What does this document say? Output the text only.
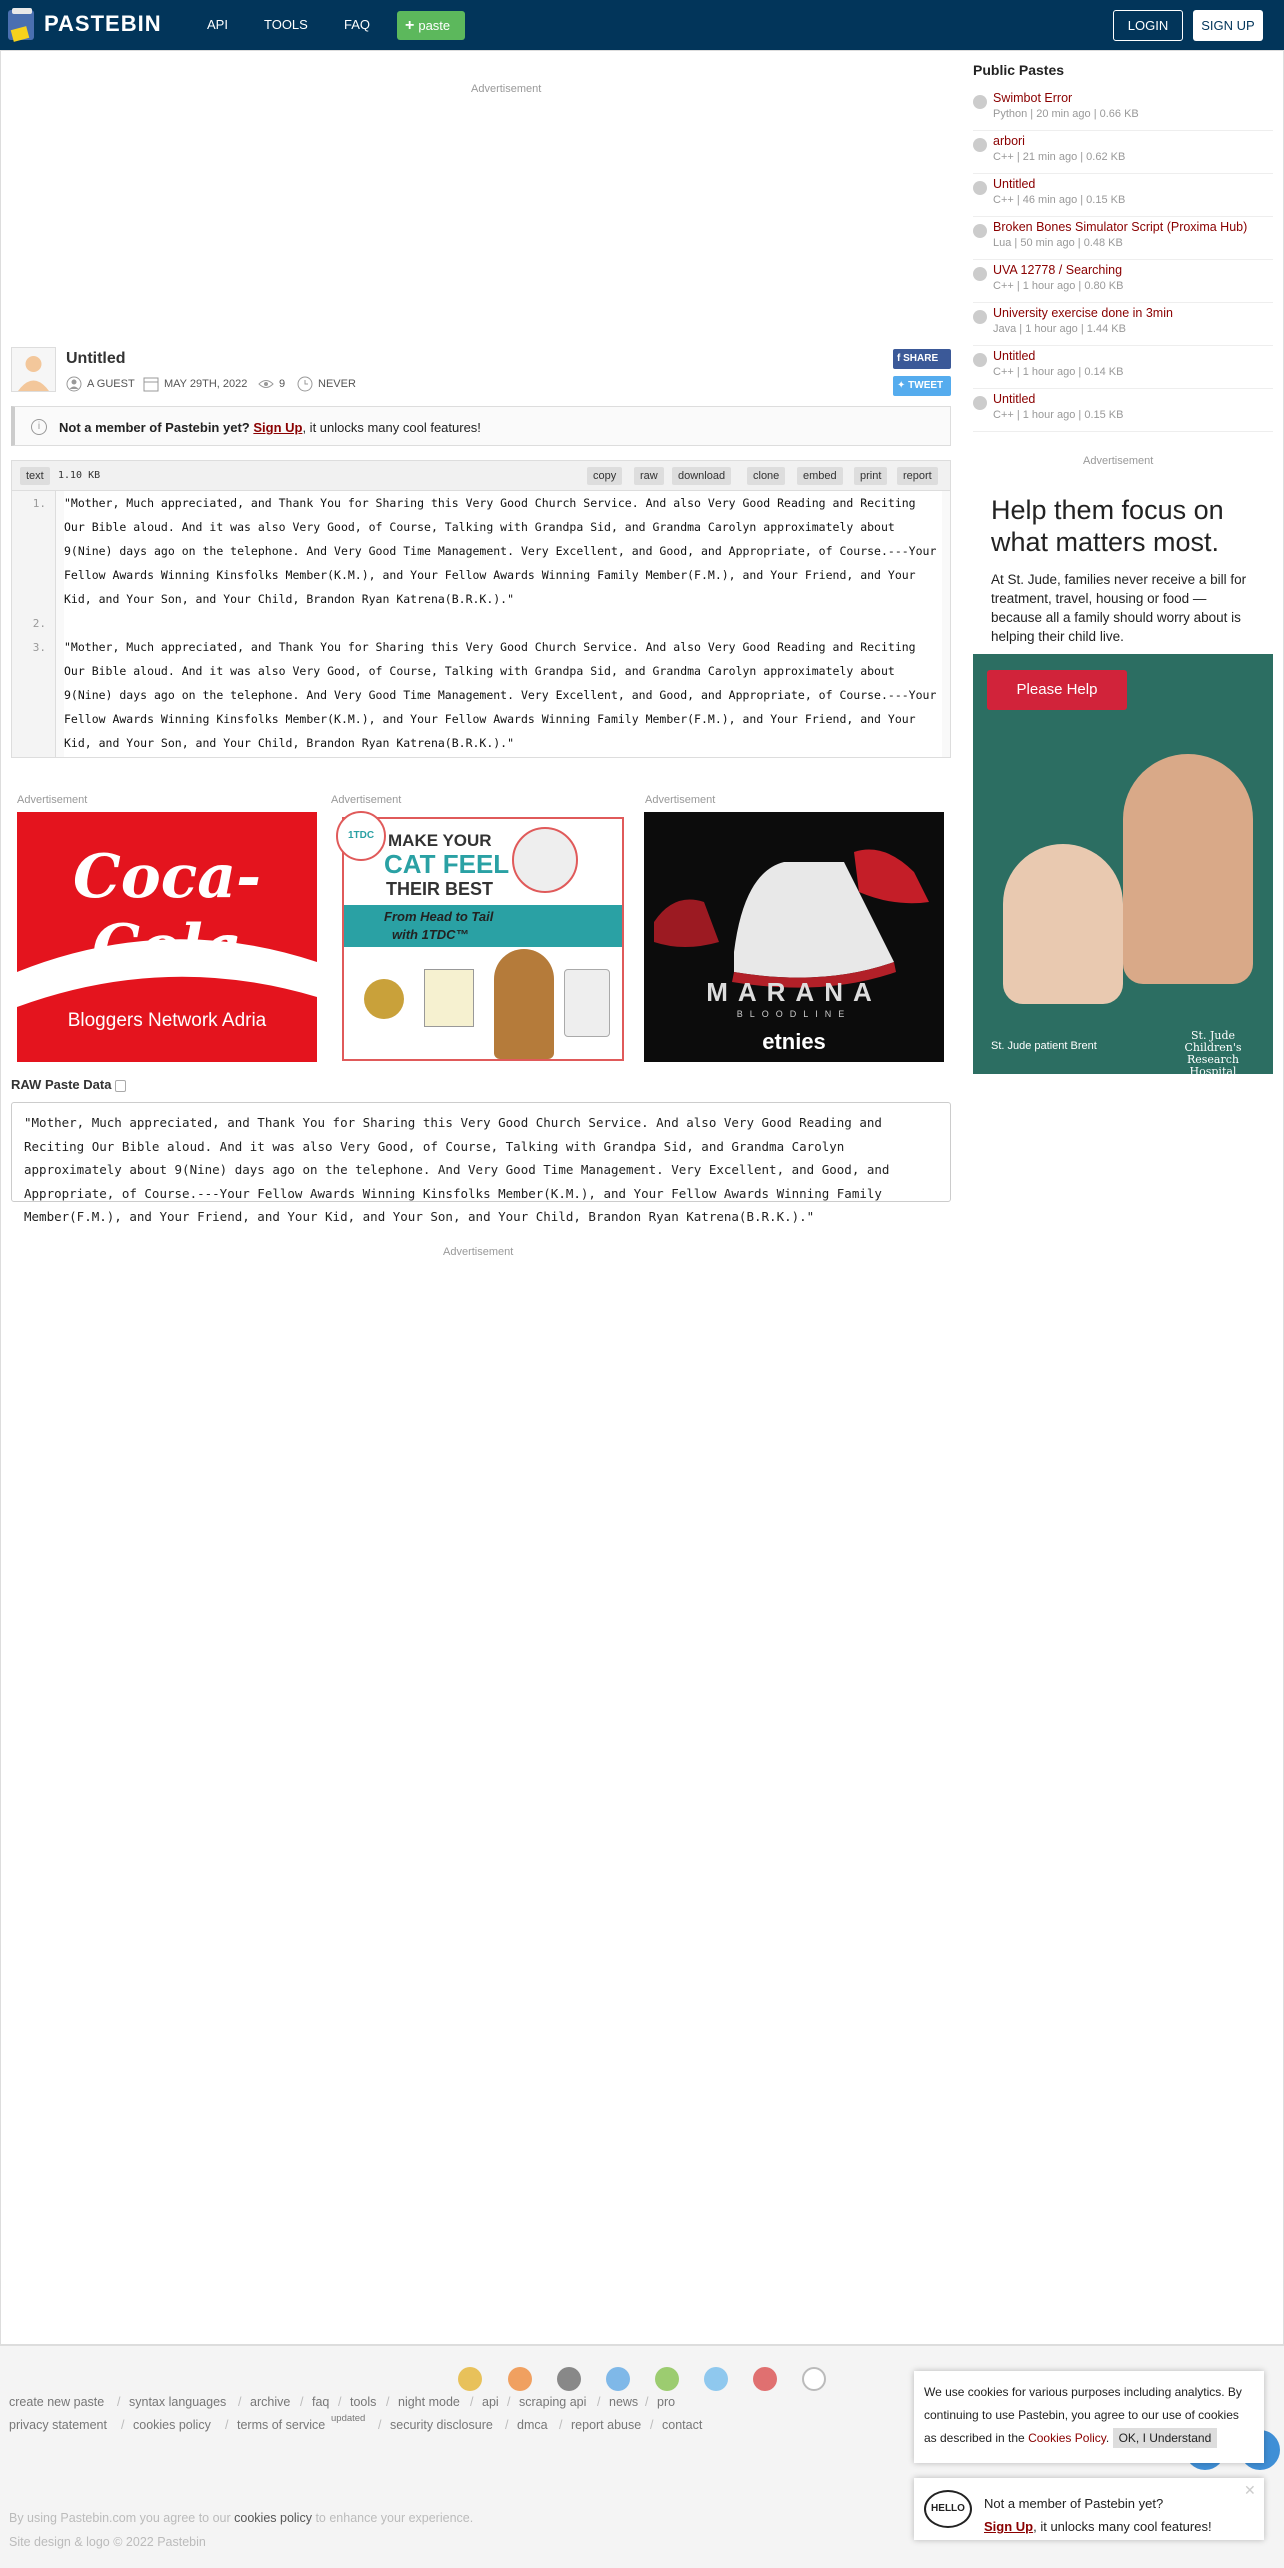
PASTEBIN	API	TOOLS	FAQ	+ paste	LOGIN	SIGN UP
Advertisement
Untitled
A GUEST	MAY 29TH, 2022	9	NEVER
f SHARE
✦ TWEET
i	Not a member of Pastebin yet? Sign Up, it unlocks many cool features!
text	1.10 KB	copy	raw	download	clone	embed	print	report
1.	"Mother, Much appreciated, and Thank You for Sharing this Very Good Church Service. And also Very Good Reading and Reciting Our Bible aloud. And it was also Very Good, of Course, Talking with Grandpa Sid, and Grandma Carolyn approximately about 9(Nine) days ago on the telephone. And Very Good Time Management. Very Excellent, and Good, and Appropriate, of Course.---Your Fellow Awards Winning Kinsfolks Member(K.M.), and Your Fellow Awards Winning Family Member(F.M.), and Your Friend, and Your Kid, and Your Son, and Your Child, Brandon Ryan Katrena(B.R.K.)."
2.
3.	"Mother, Much appreciated, and Thank You for Sharing this Very Good Church Service. And also Very Good Reading and Reciting Our Bible aloud. And it was also Very Good, of Course, Talking with Grandpa Sid, and Grandma Carolyn approximately about 9(Nine) days ago on the telephone. And Very Good Time Management. Very Excellent, and Good, and Appropriate, of Course.---Your Fellow Awards Winning Kinsfolks Member(K.M.), and Your Fellow Awards Winning Family Member(F.M.), and Your Friend, and Your Kid, and Your Son, and Your Child, Brandon Ryan Katrena(B.R.K.)."
Advertisement	Advertisement	Advertisement
Coca-Cola
Bloggers Network Adria
1TDC MAKE YOUR
CAT FEEL
THEIR BEST
From Head to Tail
with 1TDC™
MARANA
BLOODLINE
etnies
RAW Paste Data
"Mother, Much appreciated, and Thank You for Sharing this Very Good Church Service. And also Very Good Reading and Reciting Our Bible aloud. And it was also Very Good, of Course, Talking with Grandpa Sid, and Grandma Carolyn approximately about 9(Nine) days ago on the telephone. And Very Good Time Management. Very Excellent, and Good, and Appropriate, of Course.---Your Fellow Awards Winning Kinsfolks Member(K.M.), and Your Fellow Awards Winning Family Member(F.M.), and Your Friend, and Your Kid, and Your Son, and Your Child, Brandon Ryan Katrena(B.R.K.)."
Advertisement
Public Pastes
Swimbot Error
Python | 20 min ago | 0.66 KB
arbori
C++ | 21 min ago | 0.62 KB
Untitled
C++ | 46 min ago | 0.15 KB
Broken Bones Simulator Script (Proxima Hub)
Lua | 50 min ago | 0.48 KB
UVA 12778 / Searching
C++ | 1 hour ago | 0.80 KB
University exercise done in 3min
Java | 1 hour ago | 1.44 KB
Untitled
C++ | 1 hour ago | 0.14 KB
Untitled
C++ | 1 hour ago | 0.15 KB
Advertisement
Help them focus on what matters most.
At St. Jude, families never receive a bill for treatment, travel, housing or food — because all a family should worry about is helping their child live.
Please Help
St. Jude patient Brent
St. Jude Children's Research Hospital
create new paste / syntax languages / archive / faq / tools / night mode / api / scraping api / news / pro
privacy statement / cookies policy / terms of service updated / security disclosure / dmca / report abuse / contact
By using Pastebin.com you agree to our cookies policy to enhance your experience.
Site design & logo © 2022 Pastebin
We use cookies for various purposes including analytics. By continuing to use Pastebin, you agree to our use of cookies as described in the Cookies Policy. OK, I Understand
✕
HELLO	Not a member of Pastebin yet?
Sign Up, it unlocks many cool features!
